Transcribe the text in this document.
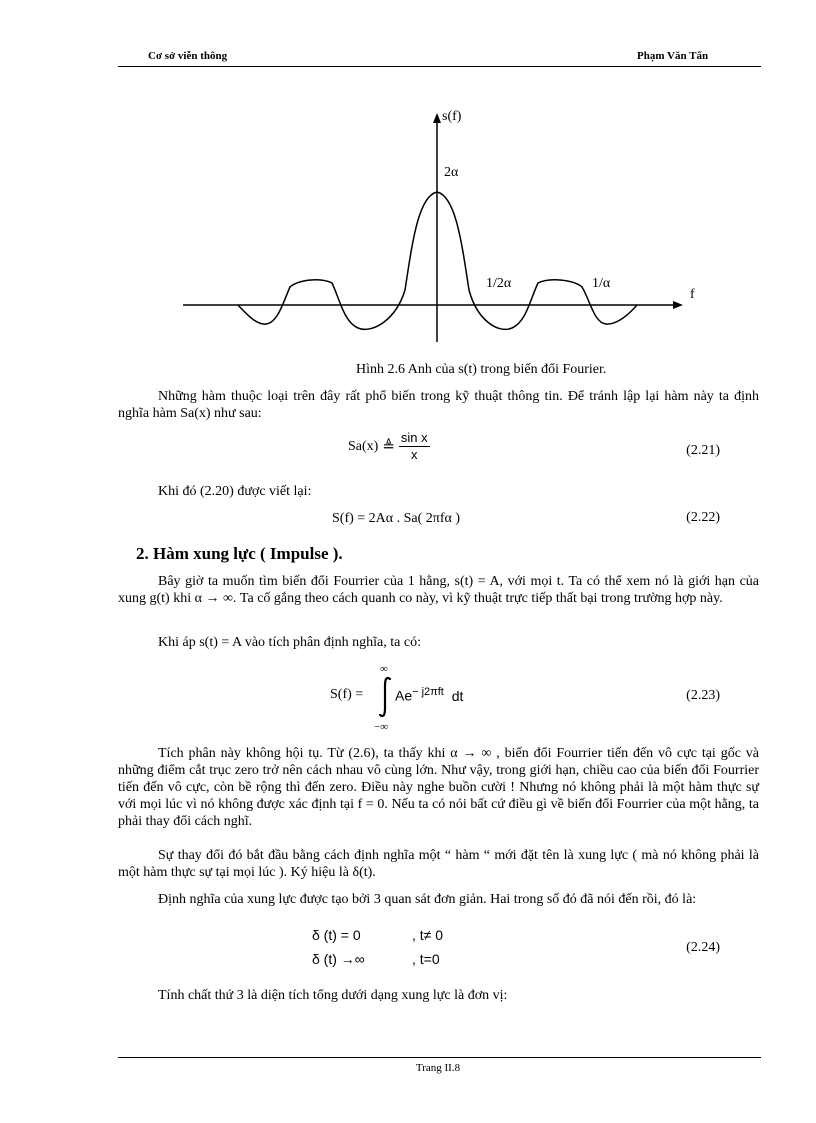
Cơ sở viễn thông	Phạm Văn Tấn
s(f)
2α
1/2α	1/α
f
Hình 2.6 Anh của s(t) trong biến đổi Fourier.
Những hàm thuộc loại trên đây rất phổ biến trong kỹ thuật thông tin. Để tránh lập lại hàm này ta định nghĩa hàm Sa(x) như sau:
Sa(x) ≜ $\frac{\text{sin x}}{x}$	(2.21)
Khi đó (2.20) được viết lại:
S(f) = 2Aα . Sa( 2πfα )	(2.22)
2. Hàm xung lực ( Impulse ).
Bây giờ ta muốn tìm biến đổi Fourrier của 1 hằng, s(t) = A, với mọi t. Ta có thể xem nó là giới hạn của xung g(t) khi α → ∞. Ta cố gắng theo cách quanh co này, vì kỹ thuật trực tiếp thất bại trong trường hợp này.
Khi áp s(t) = A vào tích phân định nghĩa, ta có:
S(f) =
∞
−∞
$Ae^{- j2\pi ft}$ dt	(2.23)
Tích phân này không hội tụ. Từ (2.6), ta thấy khi α → ∞ , biến đổi Fourrier tiến đến vô cực tại gốc và những điểm cắt trục zero trở nên cách nhau vô cùng lớn. Như vậy, trong giới hạn, chiều cao của biến đổi Fourrier tiến đến vô cực, còn bề rộng thì đến zero. Điều này nghe buồn cười ! Nhưng nó không phải là một hàm thực sự với mọi lúc vì nó không được xác định tại f = 0. Nếu ta có nói bất cứ điều gì về biến đổi Fourrier của một hằng, ta phải thay đổi cách nghĩ.
Sự thay đổi đó bắt đầu bằng cách định nghĩa một “ hàm “ mới đặt tên là xung lực ( mà nó không phải là một hàm thực sự tại mọi lúc ). Ký hiệu là δ(t).
Định nghĩa của xung lực được tạo bởi 3 quan sát đơn giản. Hai trong số đó đã nói đến rồi, đó là:
δ (t) = 0	, t≠ 0
δ (t) →∞	, t=0
(2.24)
Tính chất thứ 3 là diện tích tổng dưới dạng xung lực là đơn vị:
Trang II.8
